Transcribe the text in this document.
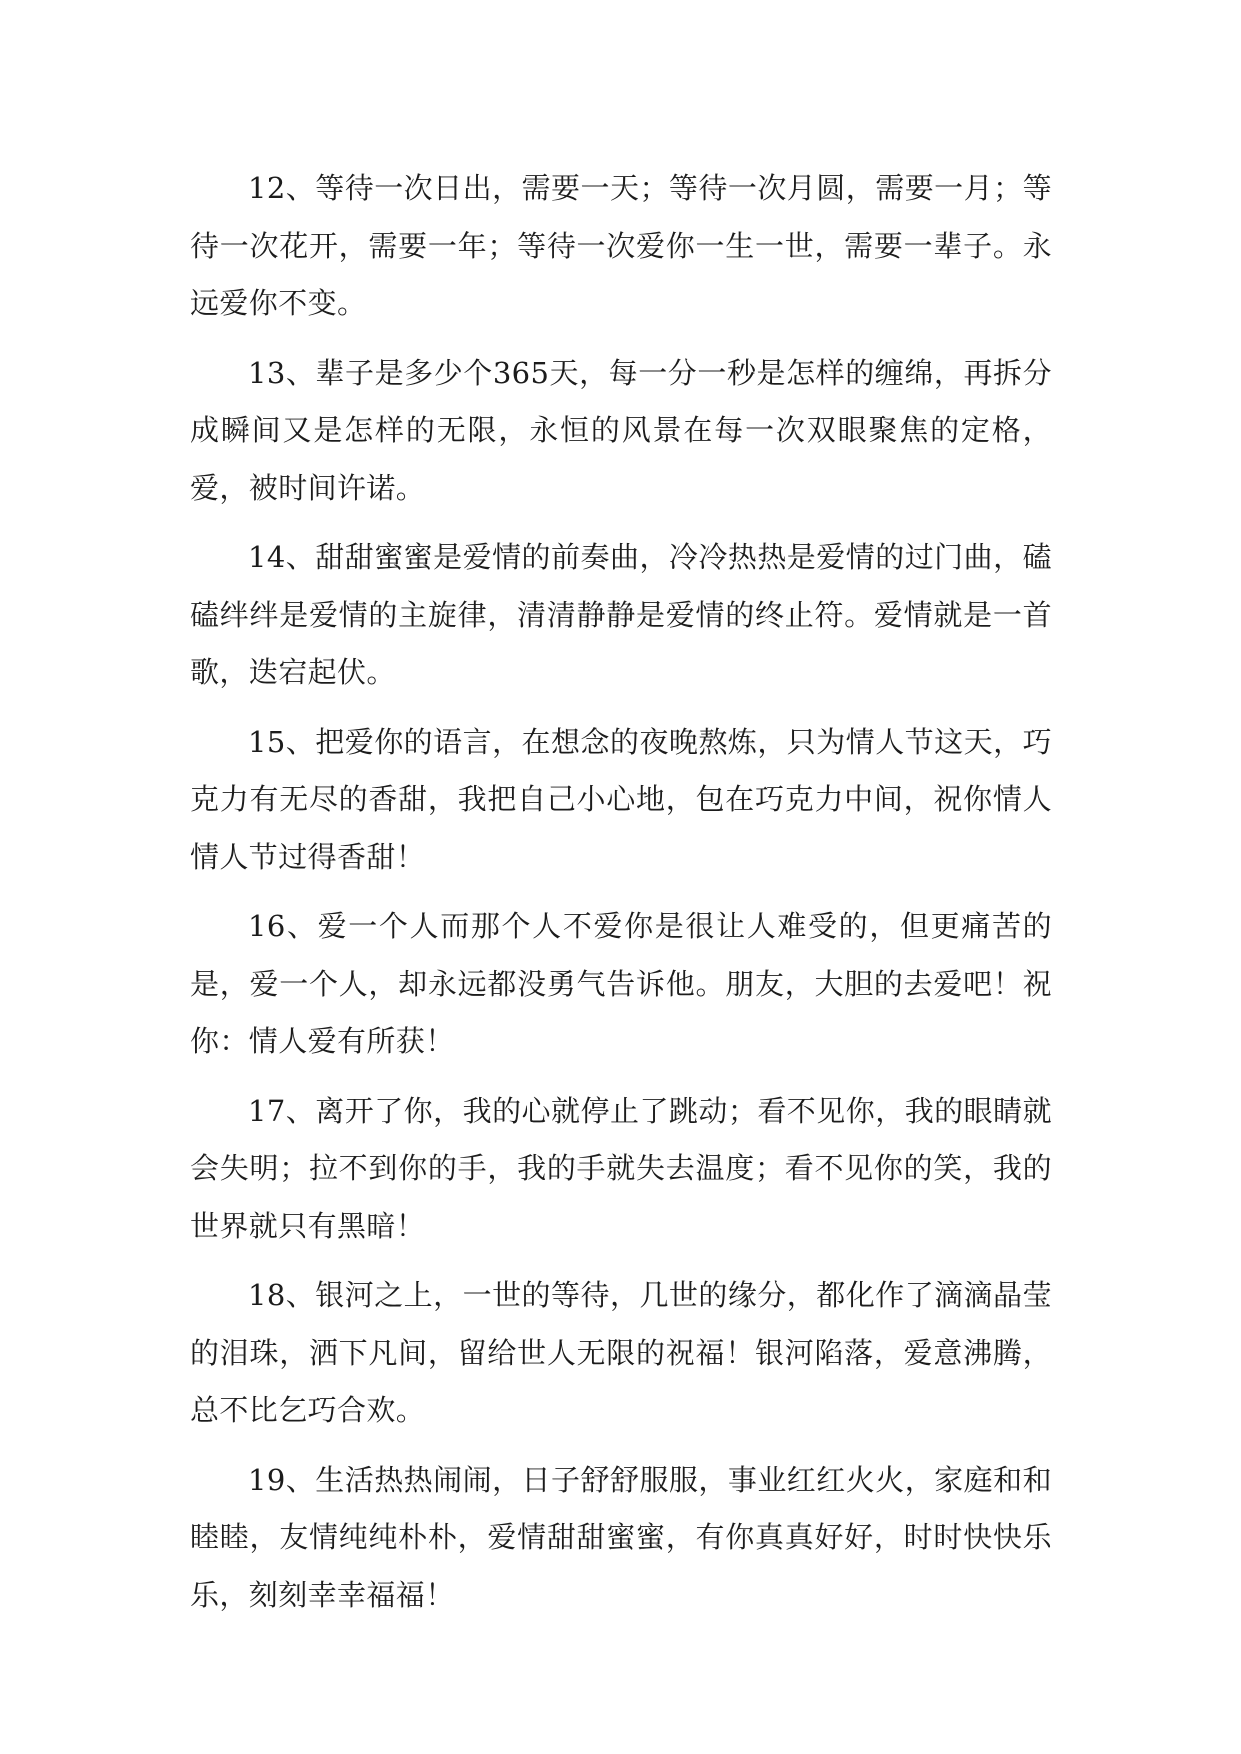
12、等待一次日出，需要一天；等待一次月圆，需要一月；等待一次花开，需要一年；等待一次爱你一生一世，需要一辈子。永远爱你不变。

13、辈子是多少个365天，每一分一秒是怎样的缠绵，再拆分成瞬间又是怎样的无限，永恒的风景在每一次双眼聚焦的定格，爱，被时间许诺。

14、甜甜蜜蜜是爱情的前奏曲，冷冷热热是爱情的过门曲，磕磕绊绊是爱情的主旋律，清清静静是爱情的终止符。爱情就是一首歌，迭宕起伏。

15、把爱你的语言，在想念的夜晚熬炼，只为情人节这天，巧克力有无尽的香甜，我把自己小心地，包在巧克力中间，祝你情人情人节过得香甜！

16、爱一个人而那个人不爱你是很让人难受的，但更痛苦的是，爱一个人，却永远都没勇气告诉他。朋友，大胆的去爱吧！祝你：情人爱有所获！

17、离开了你，我的心就停止了跳动；看不见你，我的眼睛就会失明；拉不到你的手，我的手就失去温度；看不见你的笑，我的世界就只有黑暗！

18、银河之上，一世的等待，几世的缘分，都化作了滴滴晶莹的泪珠，洒下凡间，留给世人无限的祝福！银河陷落，爱意沸腾，总不比乞巧合欢。

19、生活热热闹闹，日子舒舒服服，事业红红火火，家庭和和睦睦，友情纯纯朴朴，爱情甜甜蜜蜜，有你真真好好，时时快快乐乐，刻刻幸幸福福！
